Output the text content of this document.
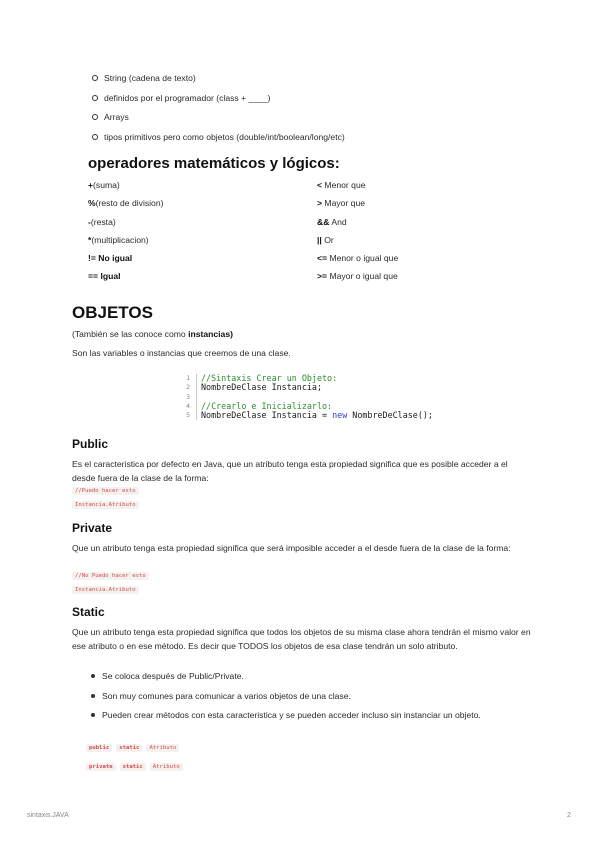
String (cadena de texto)
definidos por el programador (class + ____)
Arrays
tipos primitivos pero como objetos (double/int/boolean/long/etc)
operadores matemáticos y lógicos:
+(suma)	< Menor que
%(resto de division)	> Mayor que
-(resta)	&& And
*(multiplicacion)	|| Or
!= No igual	<= Menor o igual que
== Igual	>= Mayor o igual que
OBJETOS

(También se las conoce como instancias)

Son las variables o instancias que creemos de una clase.

1	//Sintaxis Crear un Objeto:
2	NombreDeClase Instancia;
3
4	//Crearlo e Inicializarlo:
5	NombreDeClase Instancia = new NombreDeClase();
Public

Es el caracteristica por defecto en Java, que un atributo tenga esta propiedad significa que es posible acceder a el desde fuera de la clase de la forma:

//Puedo hacer esto
Instancia.Atributo
Private

Que un atributo tenga esta propiedad significa que será imposible acceder a el desde fuera de la clase de la forma:

//No Puedo hacer esto
Instancia.Atributo
Static

Que un atributo tenga esta propiedad significa que todos los objetos de su misma clase ahora tendrán el mismo valor en ese atributo o en ese método. Es decir que TODOS los objetos de esa clase tendrán un solo atributo.

Se coloca después de Public/Private.
Son muy comunes para comunicar a varios objetos de una clase.
Pueden crear métodos con esta caracteristica y se pueden acceder incluso sin instanciar un objeto.
public	static	Atributo
private	static	Atributo
sintaxis.JAVA	2
